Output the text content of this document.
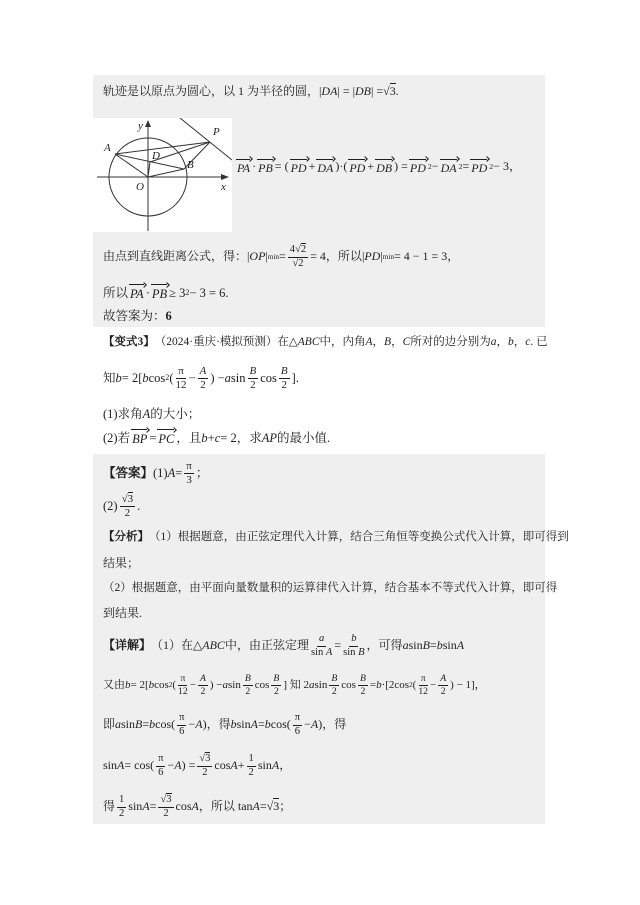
y
x
O
A
B
D
P
轨迹是以原点为圆心，以 1 为半径的圆， | DA | = | DB | = √3 .
PA · PB = ( PD + DA )·( PD + DB ) = PD 2 − DA 2 = PD 2 − 3，
由点到直线距离公式，得： | OP | $\min = \frac{4√2}{√2} = 4$，所以 | PD | min = 4 − 1 = 3，
所以 PA · PB ≥ 3 2 − 3 = 6.
故答案为： 6
【变式3】 （2024·重庆·模拟预测）在 △ ABC 中，内角 A ， B ， C 所对的边分别为 a ， b ， c . 已
知 b = 2[ b cos 2 ( $\frac{\pi}{12} - \frac{A}{2}$ ) − a $\sin \frac{B}{2}$ $\cos \frac{B}{2}$ ].
(1)求角 A 的大小；
(2)若 BP = PC ，且 b + c = 2，求 AP 的最小值.
【答案】 (1) $A = \frac{\pi}{3}$ ；
$(2) \frac{√3}{2}$ .
【分析】 （1）根据题意，由正弦定理代入计算，结合三角恒等变换公式代入计算，即可得到
结果；
（2）根据题意，由平面向量数量积的运算律代入计算，结合基本不等式代入计算，即可得
到结果.
【详解】 （1）在 △ ABC 中，由正弦定理 $\frac{a}{\text{sin A}} = \frac{b}{\text{sin B}}$ ，可得 a sin B = b sin A
又由 b = 2[ b cos 2 ( $\frac{\pi}{12} - \frac{A}{2}$ ) − a $\sin \frac{B}{2}$ $\cos \frac{B}{2}$ ] 知 2 a $\sin \frac{B}{2}$ $\cos \frac{B}{2} = b \cdot[2\cos$ 2 ( $\frac{\pi}{12} - \frac{A}{2}$ ) − 1]，
即 a sin B = b $\cos( \frac{\pi}{6} - A$ )，得 b sin A = b $\cos( \frac{\pi}{6} - A$ )，得
$\sin A = \cos( \frac{\pi}{6} - A$ ) = $\frac{√3}{2}$ $\cos A + \frac{1}{2}$ sin A ，
得 $\frac{1}{2}$ $\sin A = \frac{√3}{2}$ cos A ，所以 tan A = √3 ；
